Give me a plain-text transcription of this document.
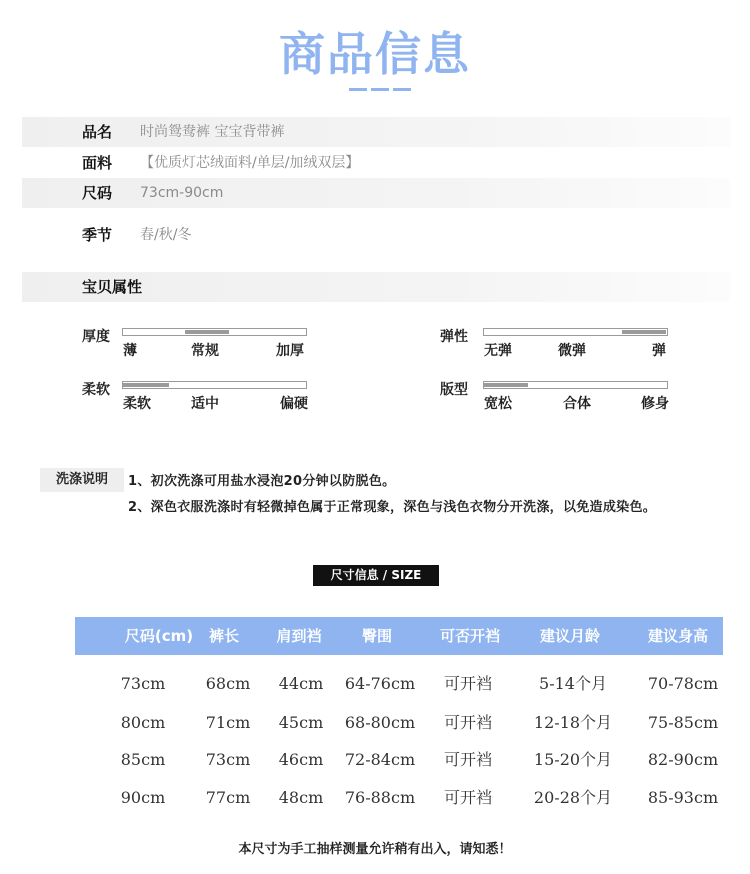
商品信息
品名 时尚鸳鸯裤 宝宝背带裤
面料 【优质灯芯绒面料/单层/加绒双层】
尺码 73cm-90cm
季节 春/秋/冬
宝贝属性
厚度
薄	常规	加厚
弹性
无弹	微弹	弹
柔软
柔软	适中	偏硬
版型
宽松	合体	修身
洗涤说明	1、初次洗涤可用盐水浸泡20分钟以防脱色。
2、深色衣服洗涤时有轻微掉色属于正常现象，深色与浅色衣物分开洗涤，以免造成染色。
尺寸信息 / SIZE
尺码(cm)	裤长	肩到裆	臀围	可否开裆	建议月龄	建议身高
73cm	68cm	44cm	64-76cm	可开裆	5-14个月	70-78cm
80cm	71cm	45cm	68-80cm	可开裆	12-18个月	75-85cm
85cm	73cm	46cm	72-84cm	可开裆	15-20个月	82-90cm
90cm	77cm	48cm	76-88cm	可开裆	20-28个月	85-93cm
本尺寸为手工抽样测量允许稍有出入，请知悉！
